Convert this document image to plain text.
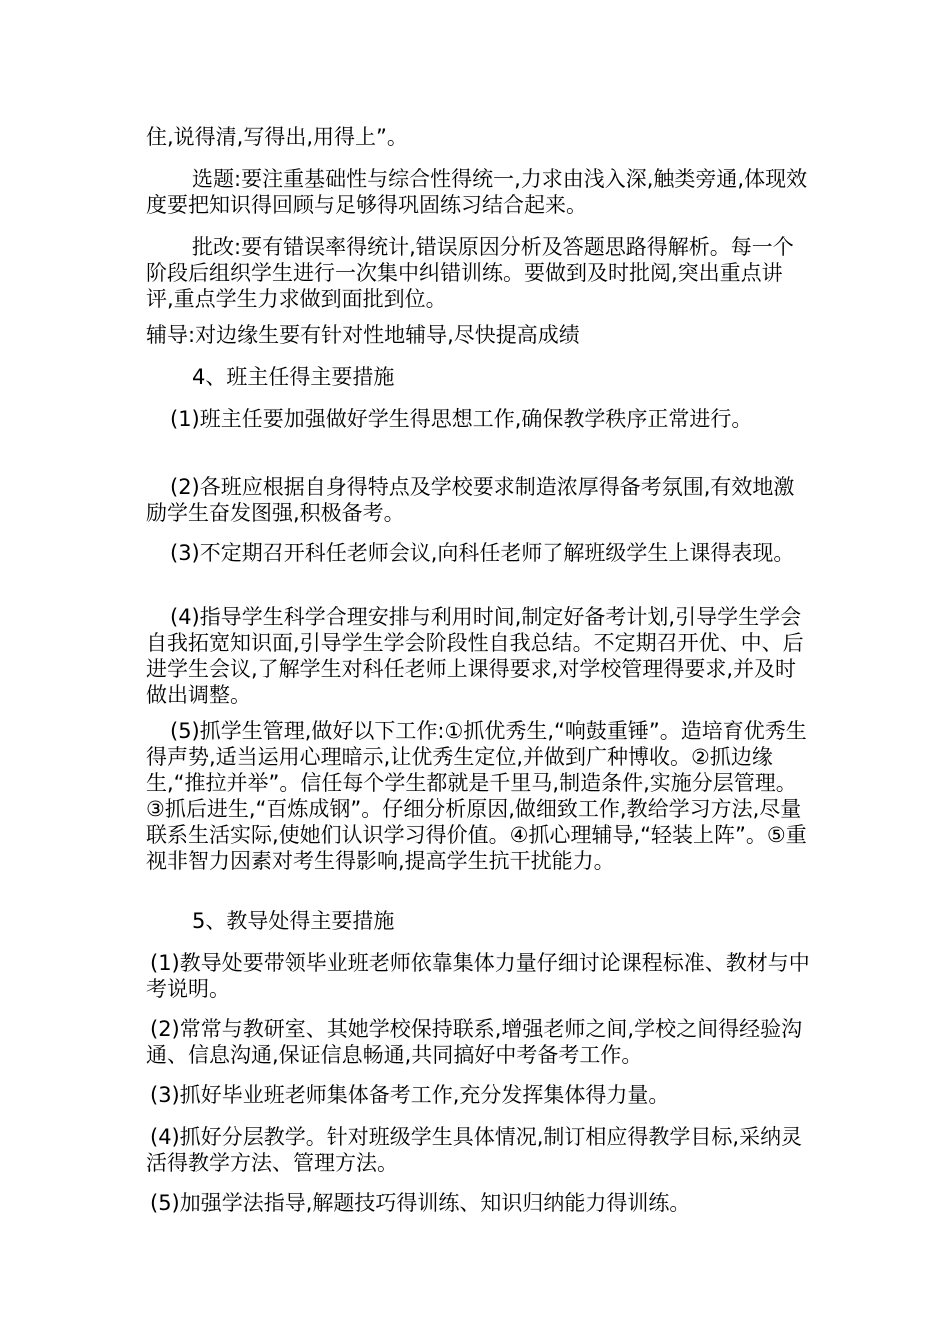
住,说得清,写得出,用得上”。

选题:要注重基础性与综合性得统一,力求由浅入深,触类旁通,体现效度要把知识得回顾与足够得巩固练习结合起来。

批改:要有错误率得统计,错误原因分析及答题思路得解析。每一个阶段后组织学生进行一次集中纠错训练。要做到及时批阅,突出重点讲评,重点学生力求做到面批到位。

辅导:对边缘生要有针对性地辅导,尽快提高成绩

4、班主任得主要措施

(1)班主任要加强做好学生得思想工作,确保教学秩序正常进行。

(2)各班应根据自身得特点及学校要求制造浓厚得备考氛围,有效地激励学生奋发图强,积极备考。

(3)不定期召开科任老师会议,向科任老师了解班级学生上课得表现。

(4)指导学生科学合理安排与利用时间,制定好备考计划,引导学生学会自我拓宽知识面,引导学生学会阶段性自我总结。不定期召开优、中、后进学生会议,了解学生对科任老师上课得要求,对学校管理得要求,并及时做出调整。

(5)抓学生管理,做好以下工作:①抓优秀生,“响鼓重锤”。造培育优秀生得声势,适当运用心理暗示,让优秀生定位,并做到广种博收。②抓边缘生,“推拉并举”。信任每个学生都就是千里马,制造条件,实施分层管理。③抓后进生,“百炼成钢”。仔细分析原因,做细致工作,教给学习方法,尽量联系生活实际,使她们认识学习得价值。④抓心理辅导,“轻装上阵”。⑤重视非智力因素对考生得影响,提高学生抗干扰能力。

5、教导处得主要措施

(1)教导处要带领毕业班老师依靠集体力量仔细讨论课程标准、教材与中考说明。

(2)常常与教研室、其她学校保持联系,增强老师之间,学校之间得经验沟通、信息沟通,保证信息畅通,共同搞好中考备考工作。

(3)抓好毕业班老师集体备考工作,充分发挥集体得力量。

(4)抓好分层教学。针对班级学生具体情况,制订相应得教学目标,采纳灵活得教学方法、管理方法。

(5)加强学法指导,解题技巧得训练、知识归纳能力得训练。
